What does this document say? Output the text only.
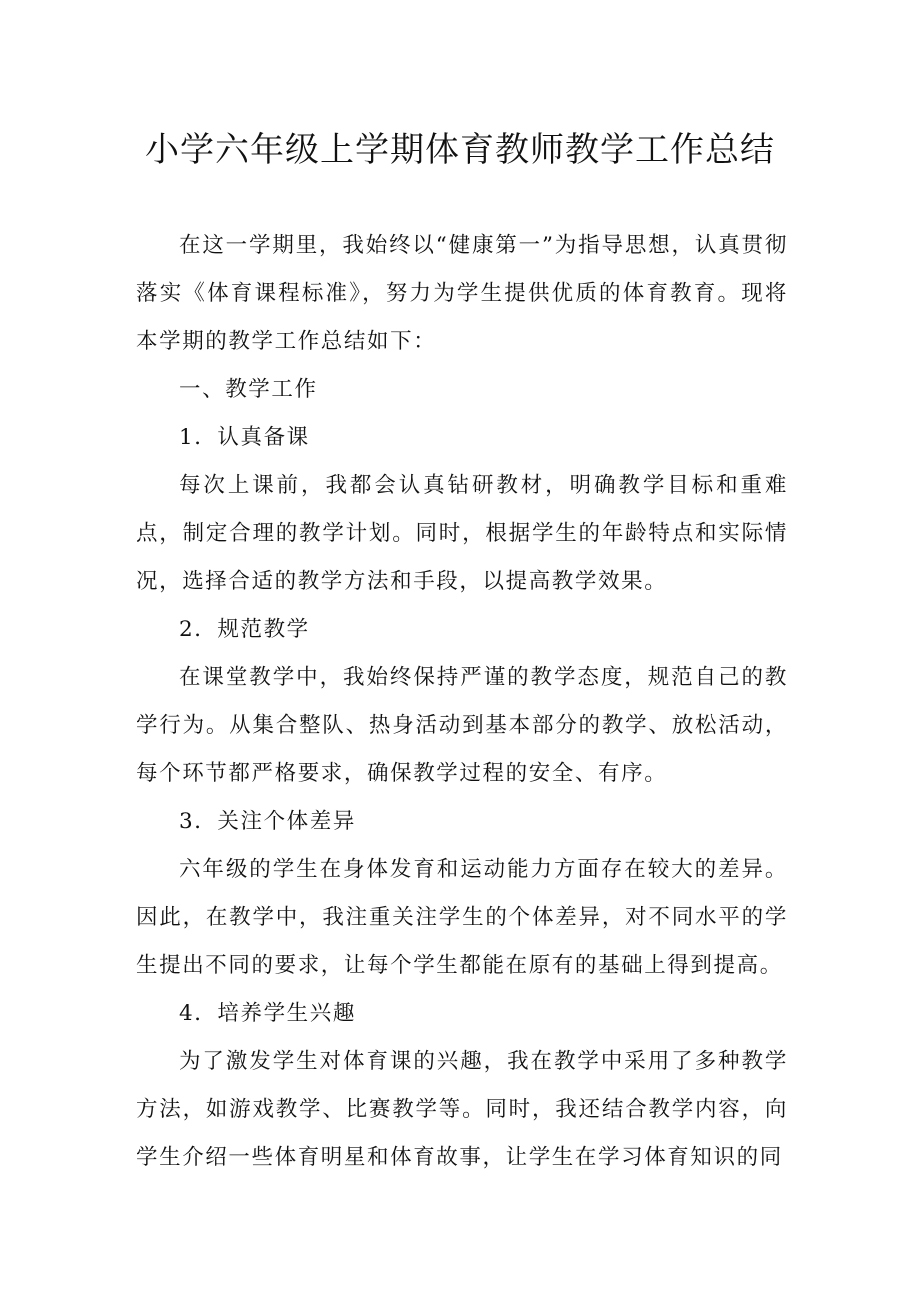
小学六年级上学期体育教师教学工作总结

在这一学期里，我始终以“健康第一”为指导思想，认真贯彻落实《体育课程标准》，努力为学生提供优质的体育教育。现将本学期的教学工作总结如下：

一、教学工作

1．认真备课

每次上课前，我都会认真钻研教材，明确教学目标和重难点，制定合理的教学计划。同时，根据学生的年龄特点和实际情况，选择合适的教学方法和手段，以提高教学效果。

2．规范教学

在课堂教学中，我始终保持严谨的教学态度，规范自己的教学行为。从集合整队、热身活动到基本部分的教学、放松活动，每个环节都严格要求，确保教学过程的安全、有序。

3．关注个体差异

六年级的学生在身体发育和运动能力方面存在较大的差异。因此，在教学中，我注重关注学生的个体差异，对不同水平的学生提出不同的要求，让每个学生都能在原有的基础上得到提高。

4．培养学生兴趣

为了激发学生对体育课的兴趣，我在教学中采用了多种教学方法，如游戏教学、比赛教学等。同时，我还结合教学内容，向学生介绍一些体育明星和体育故事，让学生在学习体育知识的同
